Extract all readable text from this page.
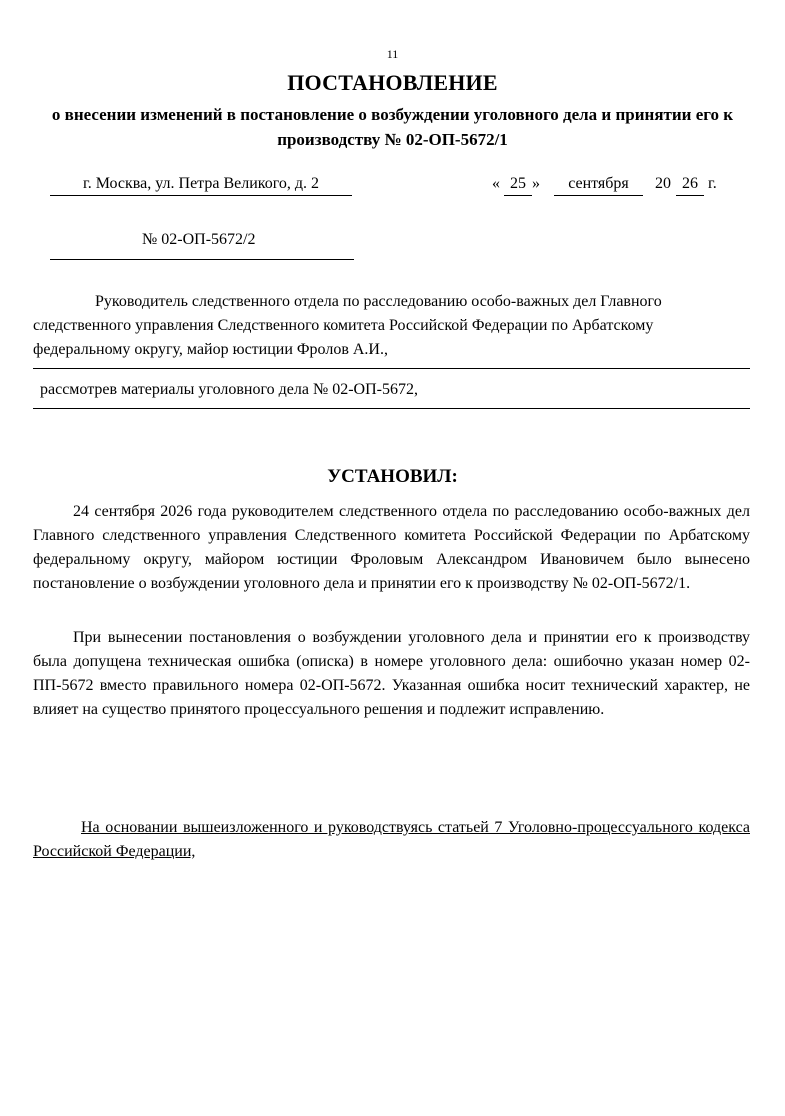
11
ПОСТАНОВЛЕНИЕ
о внесении изменений в постановление о возбуждении уголовного дела и принятии его к производству № 02-ОП-5672/1
г. Москва, ул. Петра Великого, д. 2	« 25 »	сентября	20 26 г.
№ 02-ОП-5672/2
Руководитель следственного отдела по расследованию особо-важных дел Главного следственного управления Следственного комитета Российской Федерации по Арбатскому федеральному округу, майор юстиции Фролов А.И.,
рассмотрев материалы уголовного дела № 02-ОП-5672,
УСТАНОВИЛ:
24 сентября 2026 года руководителем следственного отдела по расследованию особо-важных дел Главного следственного управления Следственного комитета Российской Федерации по Арбатскому федеральному округу, майором юстиции Фроловым Александром Ивановичем было вынесено постановление о возбуждении уголовного дела и принятии его к производству № 02-ОП-5672/1.
При вынесении постановления о возбуждении уголовного дела и принятии его к производству была допущена техническая ошибка (описка) в номере уголовного дела: ошибочно указан номер 02-ПП-5672 вместо правильного номера 02-ОП-5672. Указанная ошибка носит технический характер, не влияет на существо принятого процессуального решения и подлежит исправлению.
На основании вышеизложенного и руководствуясь статьей 7 Уголовно-процессуального кодекса Российской Федерации,
